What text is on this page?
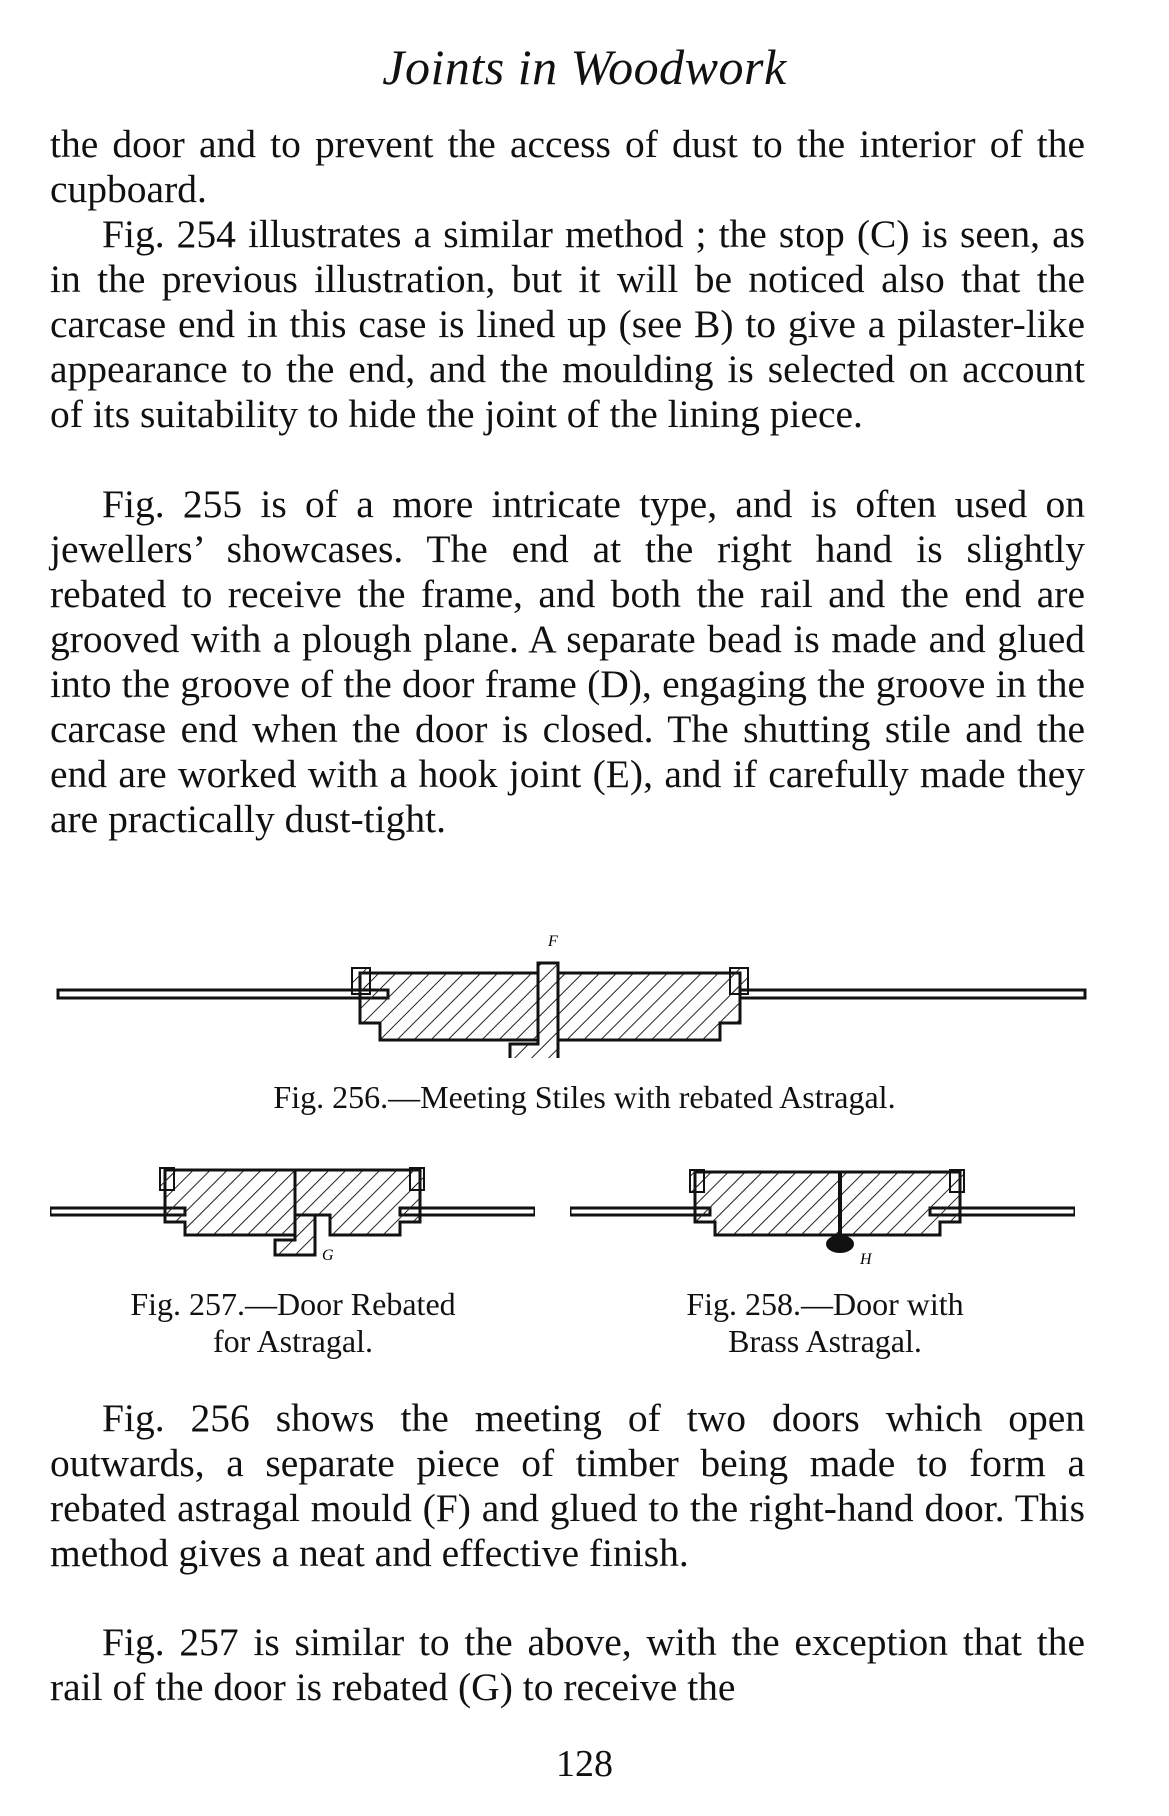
Joints in Woodwork

the door and to prevent the access of dust to the interior of the cupboard.

Fig. 254 illustrates a similar method ; the stop (C) is seen, as in the previous illustration, but it will be noticed also that the carcase end in this case is lined up (see B) to give a pilaster-like appearance to the end, and the moulding is selected on account of its suitability to hide the joint of the lining piece.

Fig. 255 is of a more intricate type, and is often used on jewellers’ showcases. The end at the right hand is slightly rebated to receive the frame, and both the rail and the end are grooved with a plough plane. A separate bead is made and glued into the groove of the door frame (D), engaging the groove in the carcase end when the door is closed. The shutting stile and the end are worked with a hook joint (E), and if carefully made they are practically dust-tight.

F

Fig. 256.—Meeting Stiles with rebated Astragal.

G

Fig. 257.—Door Rebated

for Astragal.

H

Fig. 258.—Door with

Brass Astragal.

Fig. 256 shows the meeting of two doors which open outwards, a separate piece of timber being made to form a rebated astragal mould (F) and glued to the right-hand door. This method gives a neat and effective finish.

Fig. 257 is similar to the above, with the exception that the rail of the door is rebated (G) to receive the

128
